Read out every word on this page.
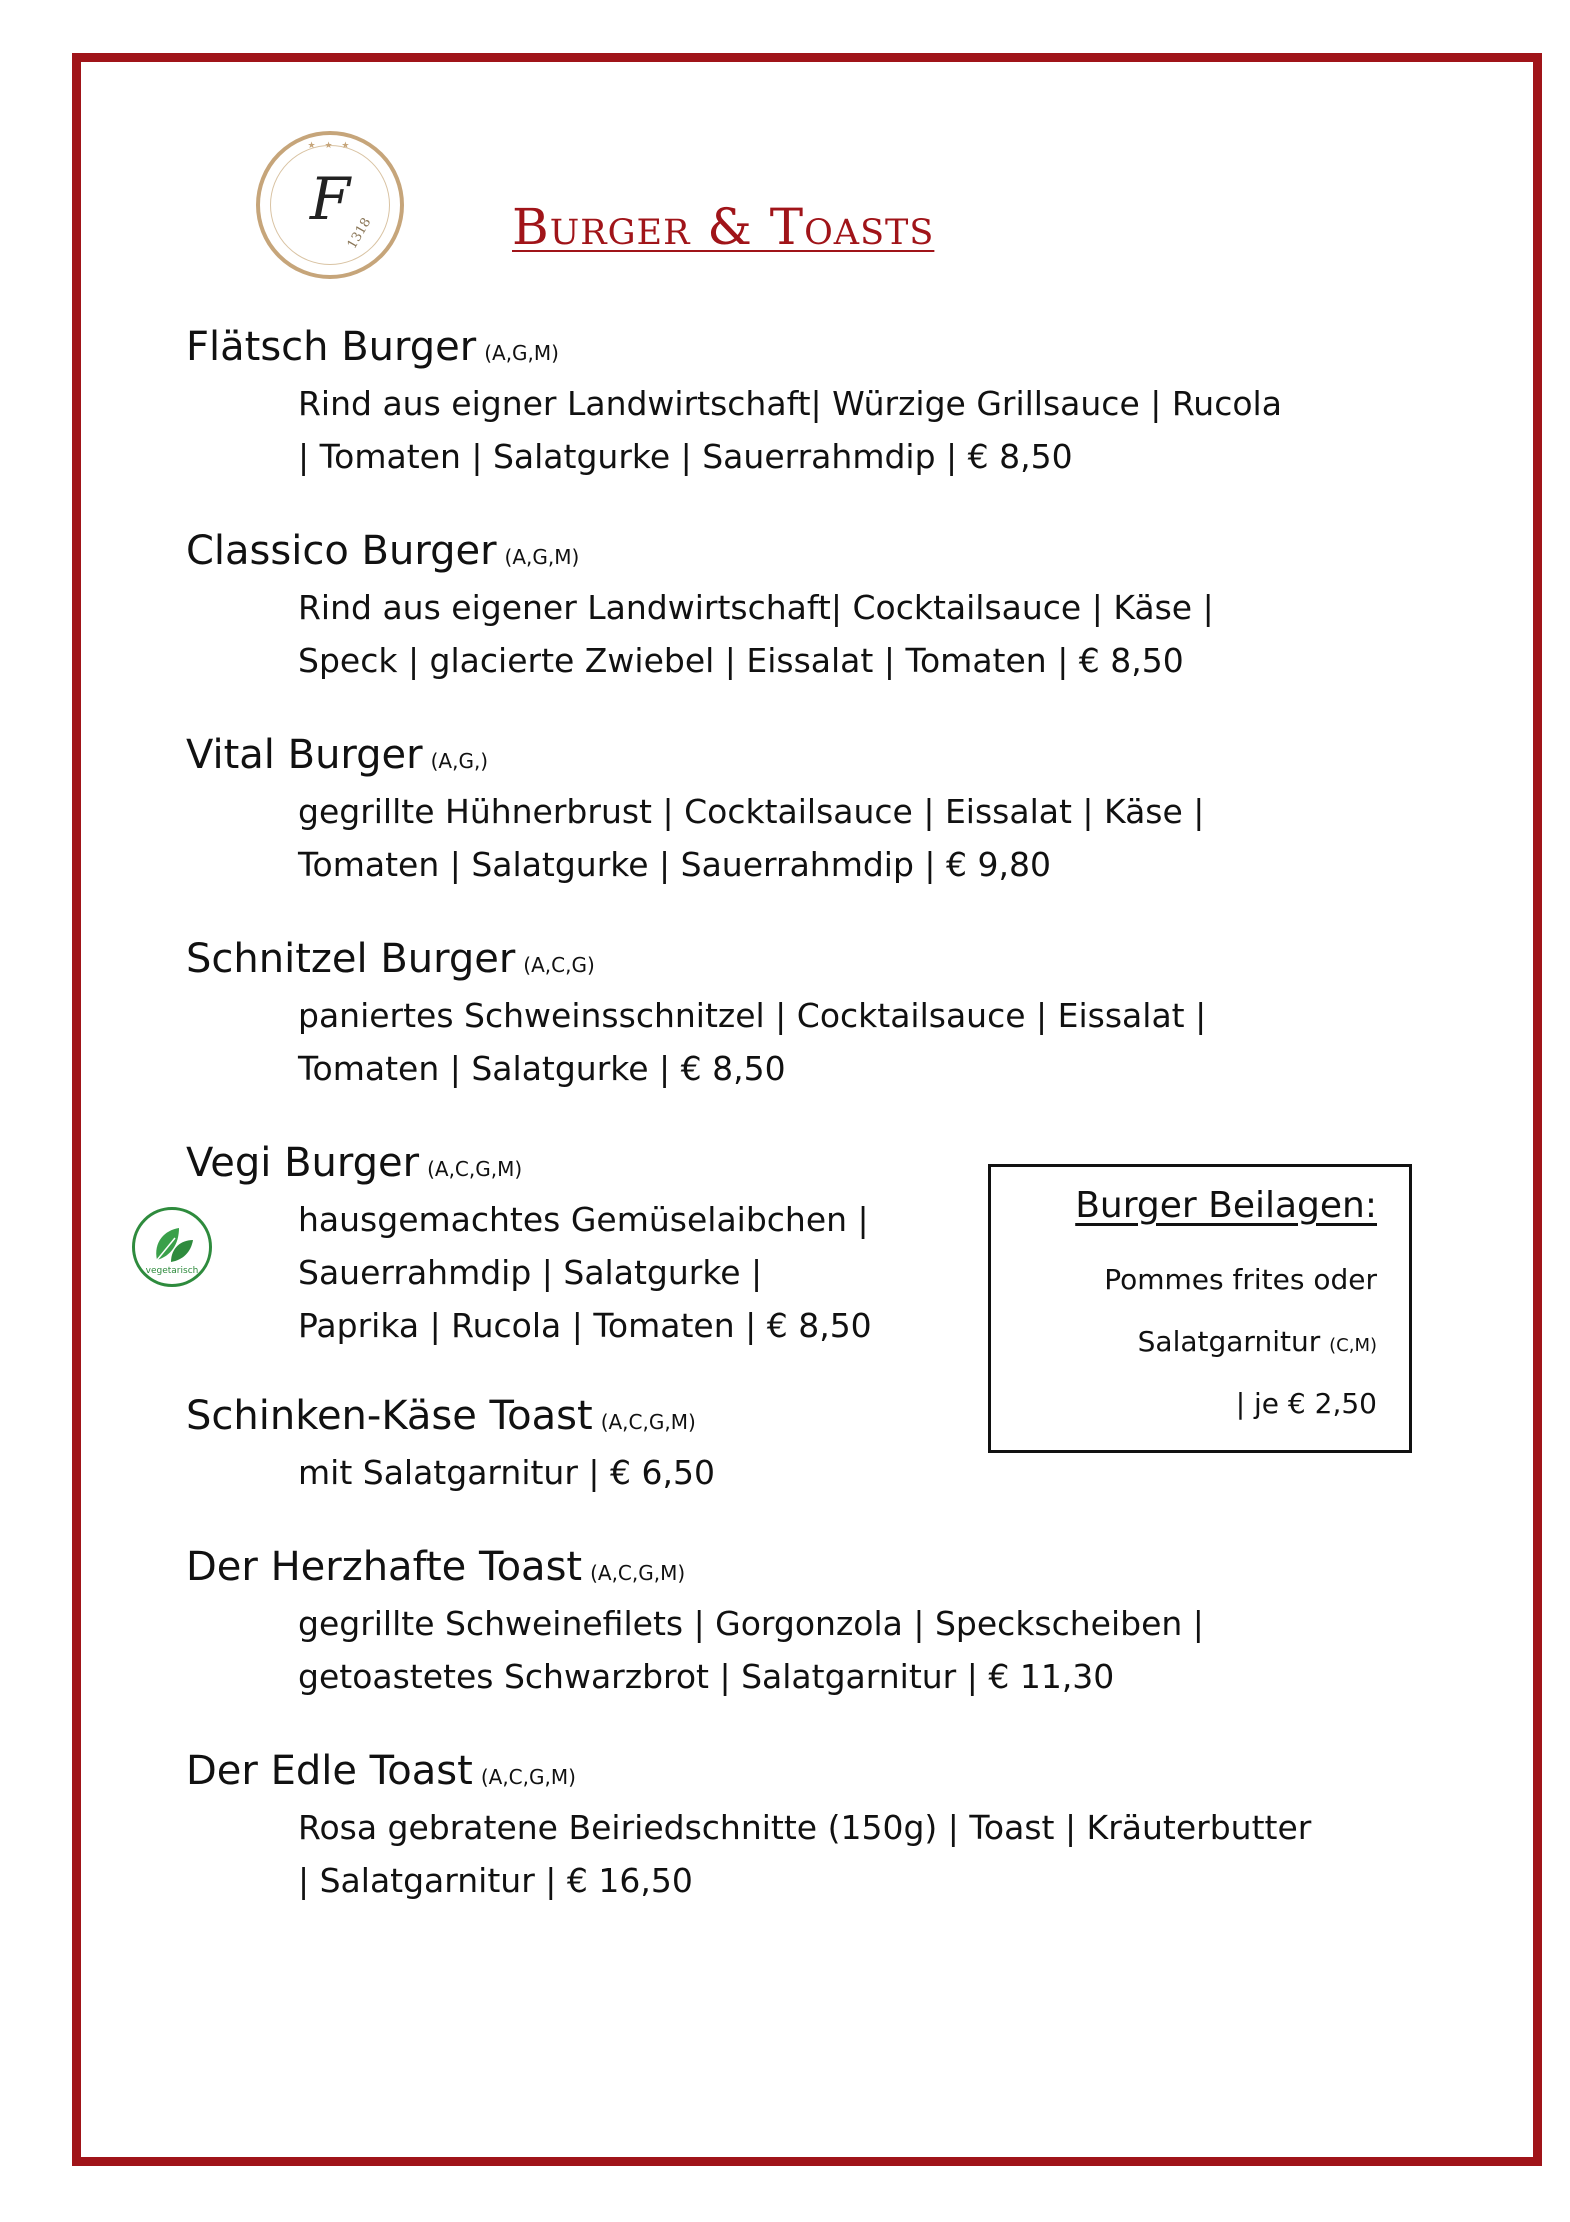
★ ★ ★
F
1318	Burger & Toasts
Flätsch Burger (A,G,M)
Rind aus eigner Landwirtschaft| Würzige Grillsauce | Rucola
| Tomaten | Salatgurke | Sauerrahmdip | € 8,50
Classico Burger (A,G,M)
Rind aus eigener Landwirtschaft| Cocktailsauce | Käse |
Speck | glacierte Zwiebel | Eissalat | Tomaten | € 8,50
Vital Burger (A,G,)
gegrillte Hühnerbrust | Cocktailsauce | Eissalat | Käse |
Tomaten | Salatgurke | Sauerrahmdip | € 9,80
Schnitzel Burger (A,C,G)
paniertes Schweinsschnitzel | Cocktailsauce | Eissalat |
Tomaten | Salatgurke | € 8,50
Vegi Burger (A,C,G,M)
hausgemachtes Gemüselaibchen |
Sauerrahmdip | Salatgurke |
Paprika | Rucola | Tomaten | € 8,50
vegetarisch
Schinken-Käse Toast (A,C,G,M)
mit Salatgarnitur | € 6,50
Der Herzhafte Toast (A,C,G,M)
gegrillte Schweinefilets | Gorgonzola | Speckscheiben |
getoastetes Schwarzbrot | Salatgarnitur | € 11,30
Der Edle Toast (A,C,G,M)
Rosa gebratene Beiriedschnitte (150g) | Toast | Kräuterbutter
| Salatgarnitur | € 16,50
Burger Beilagen:
Pommes frites oder
Salatgarnitur (C,M)
| je € 2,50
